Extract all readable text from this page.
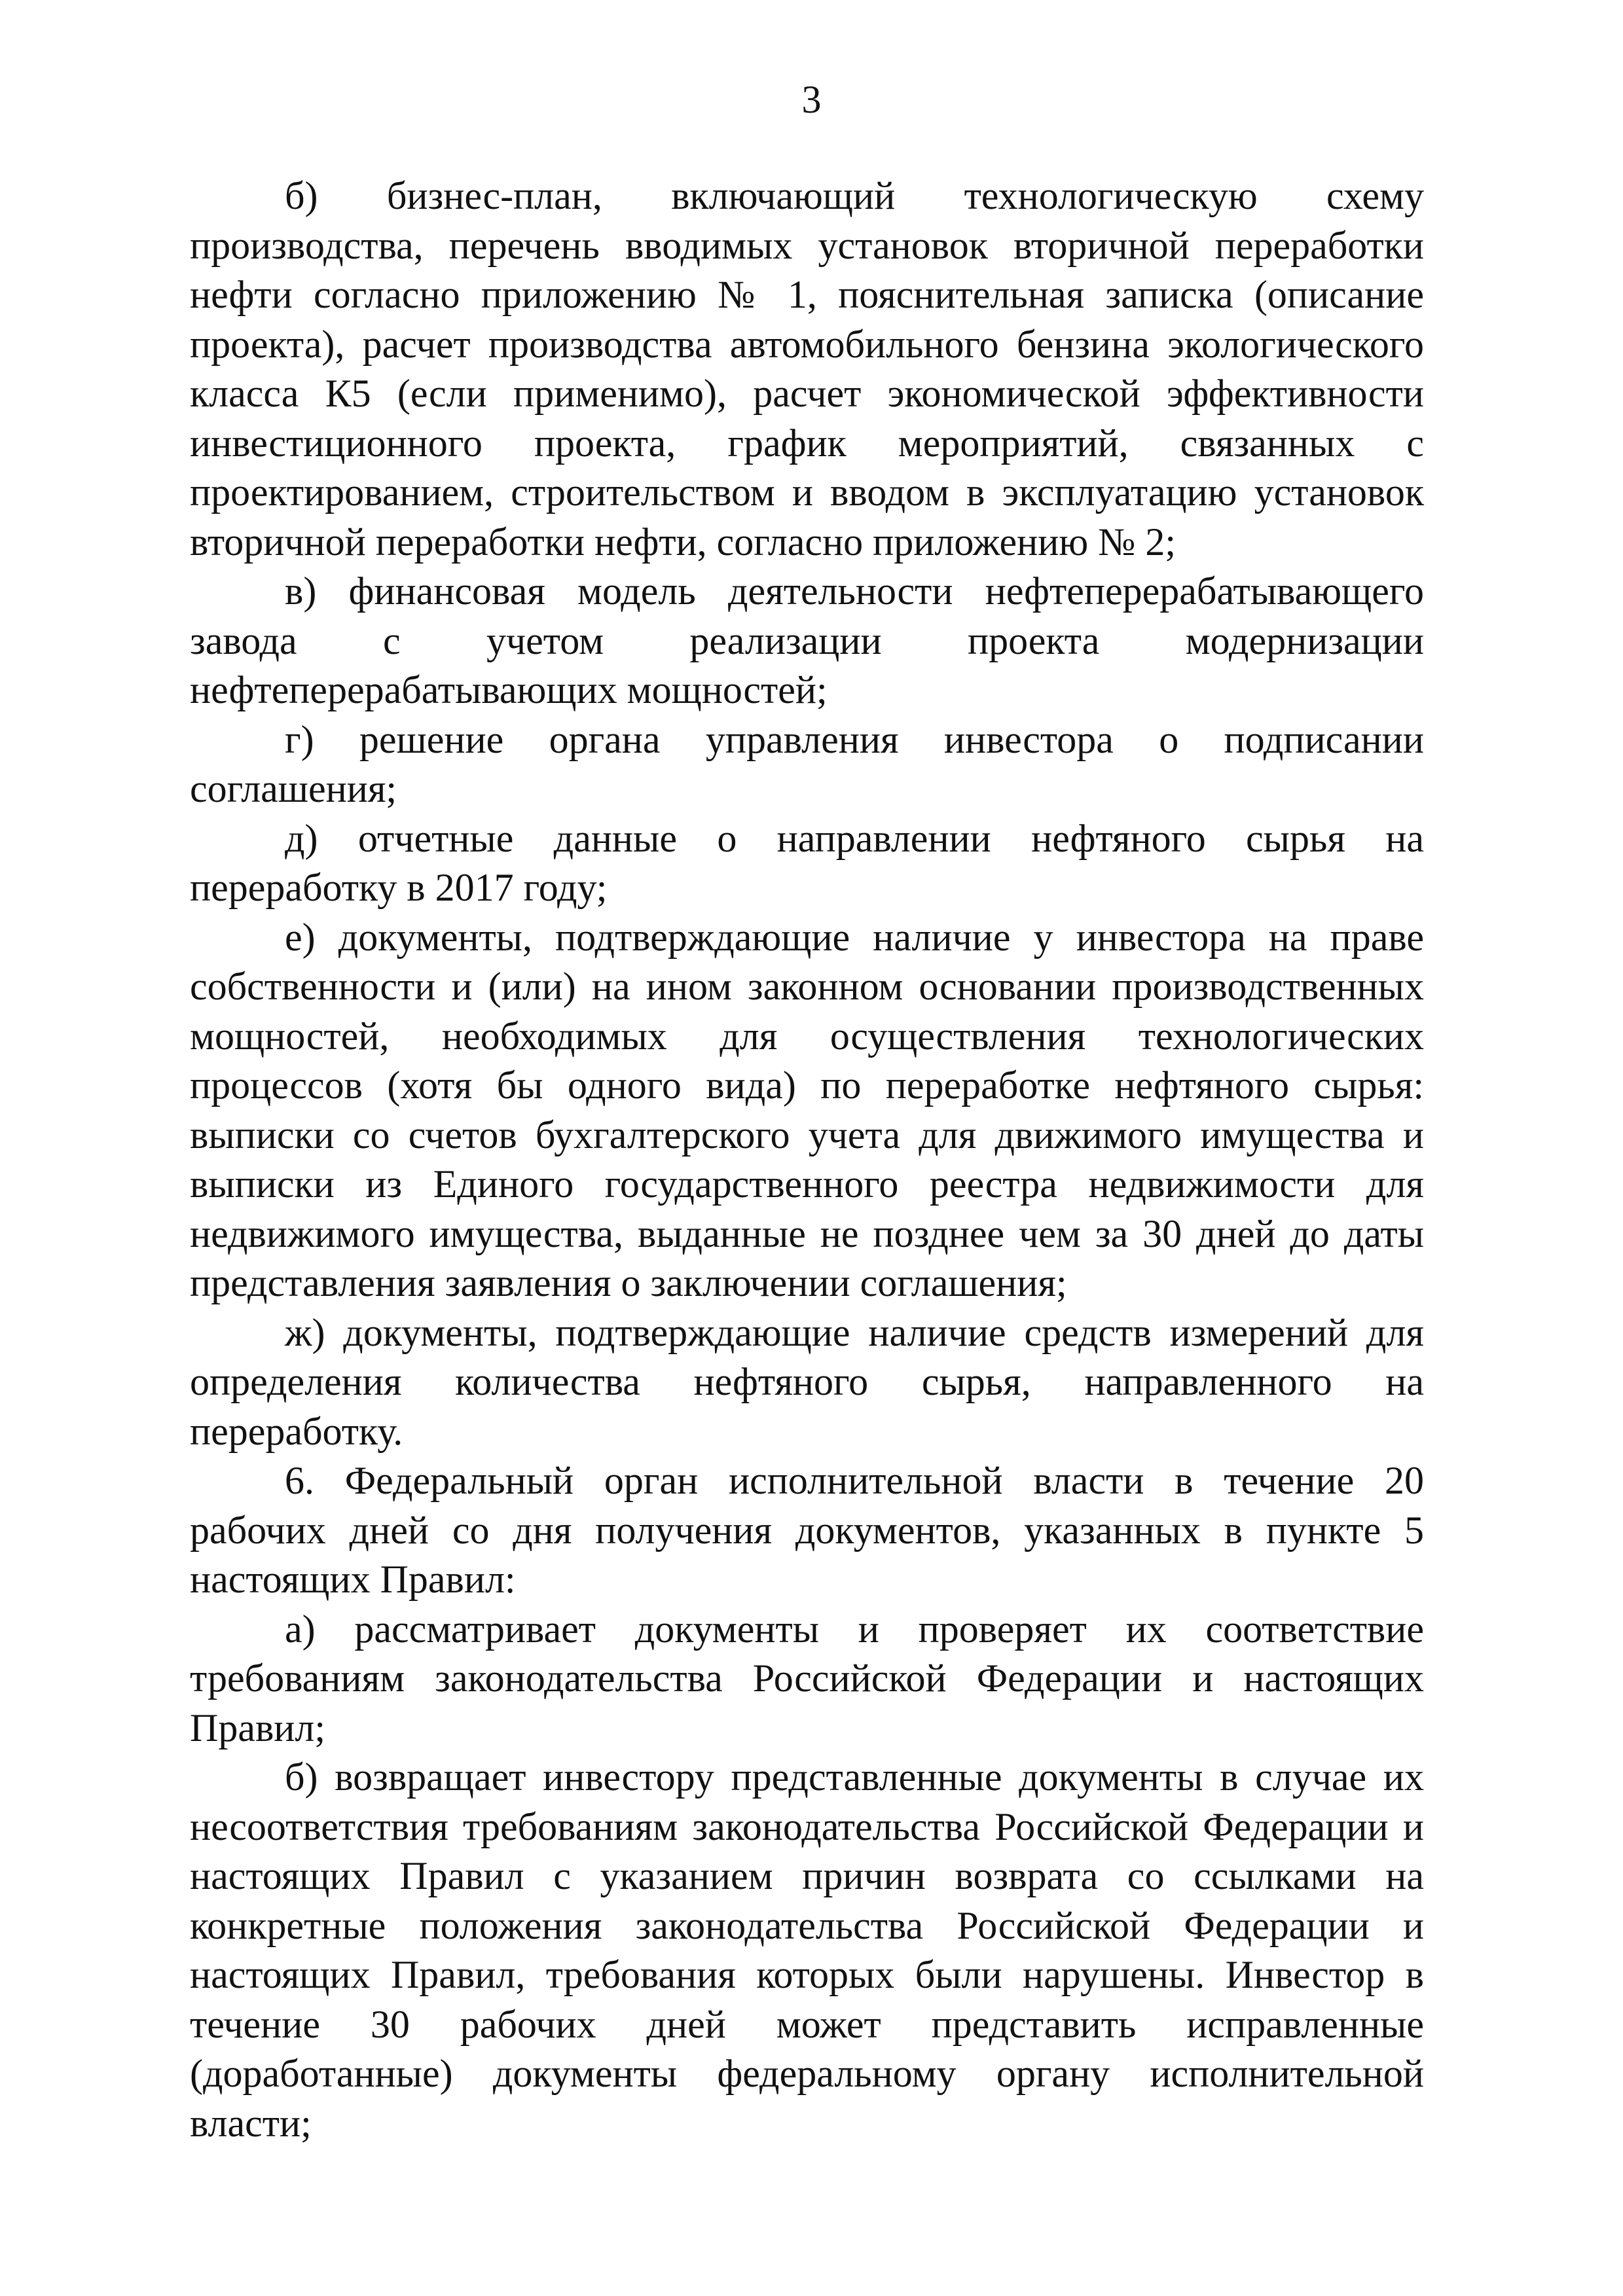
3

б) бизнес-план, включающий технологическую схему производства, перечень вводимых установок вторичной переработки нефти согласно приложению № 1, пояснительная записка (описание проекта), расчет производства автомобильного бензина экологического класса К5 (если применимо), расчет экономической эффективности инвестиционного проекта, график мероприятий, связанных с проектированием, строительством и вводом в эксплуатацию установок вторичной переработки нефти, согласно приложению № 2;

в) финансовая модель деятельности нефтеперерабатывающего завода с учетом реализации проекта модернизации нефтеперерабатывающих мощностей;

г) решение органа управления инвестора о подписании соглашения;

д) отчетные данные о направлении нефтяного сырья на переработку в 2017 году;

е) документы, подтверждающие наличие у инвестора на праве собственности и (или) на ином законном основании производственных мощностей, необходимых для осуществления технологических процессов (хотя бы одного вида) по переработке нефтяного сырья: выписки со счетов бухгалтерского учета для движимого имущества и выписки из Единого государственного реестра недвижимости для недвижимого имущества, выданные не позднее чем за 30 дней до даты представления заявления о заключении соглашения;

ж) документы, подтверждающие наличие средств измерений для определения количества нефтяного сырья, направленного на переработку.

6. Федеральный орган исполнительной власти в течение 20 рабочих дней со дня получения документов, указанных в пункте 5 настоящих Правил:

а) рассматривает документы и проверяет их соответствие требованиям законодательства Российской Федерации и настоящих Правил;

б) возвращает инвестору представленные документы в случае их несоответствия требованиям законодательства Российской Федерации и настоящих Правил с указанием причин возврата со ссылками на конкретные положения законодательства Российской Федерации и настоящих Правил, требования которых были нарушены. Инвестор в течение 30 рабочих дней может представить исправленные (доработанные) документы федеральному органу исполнительной власти;
